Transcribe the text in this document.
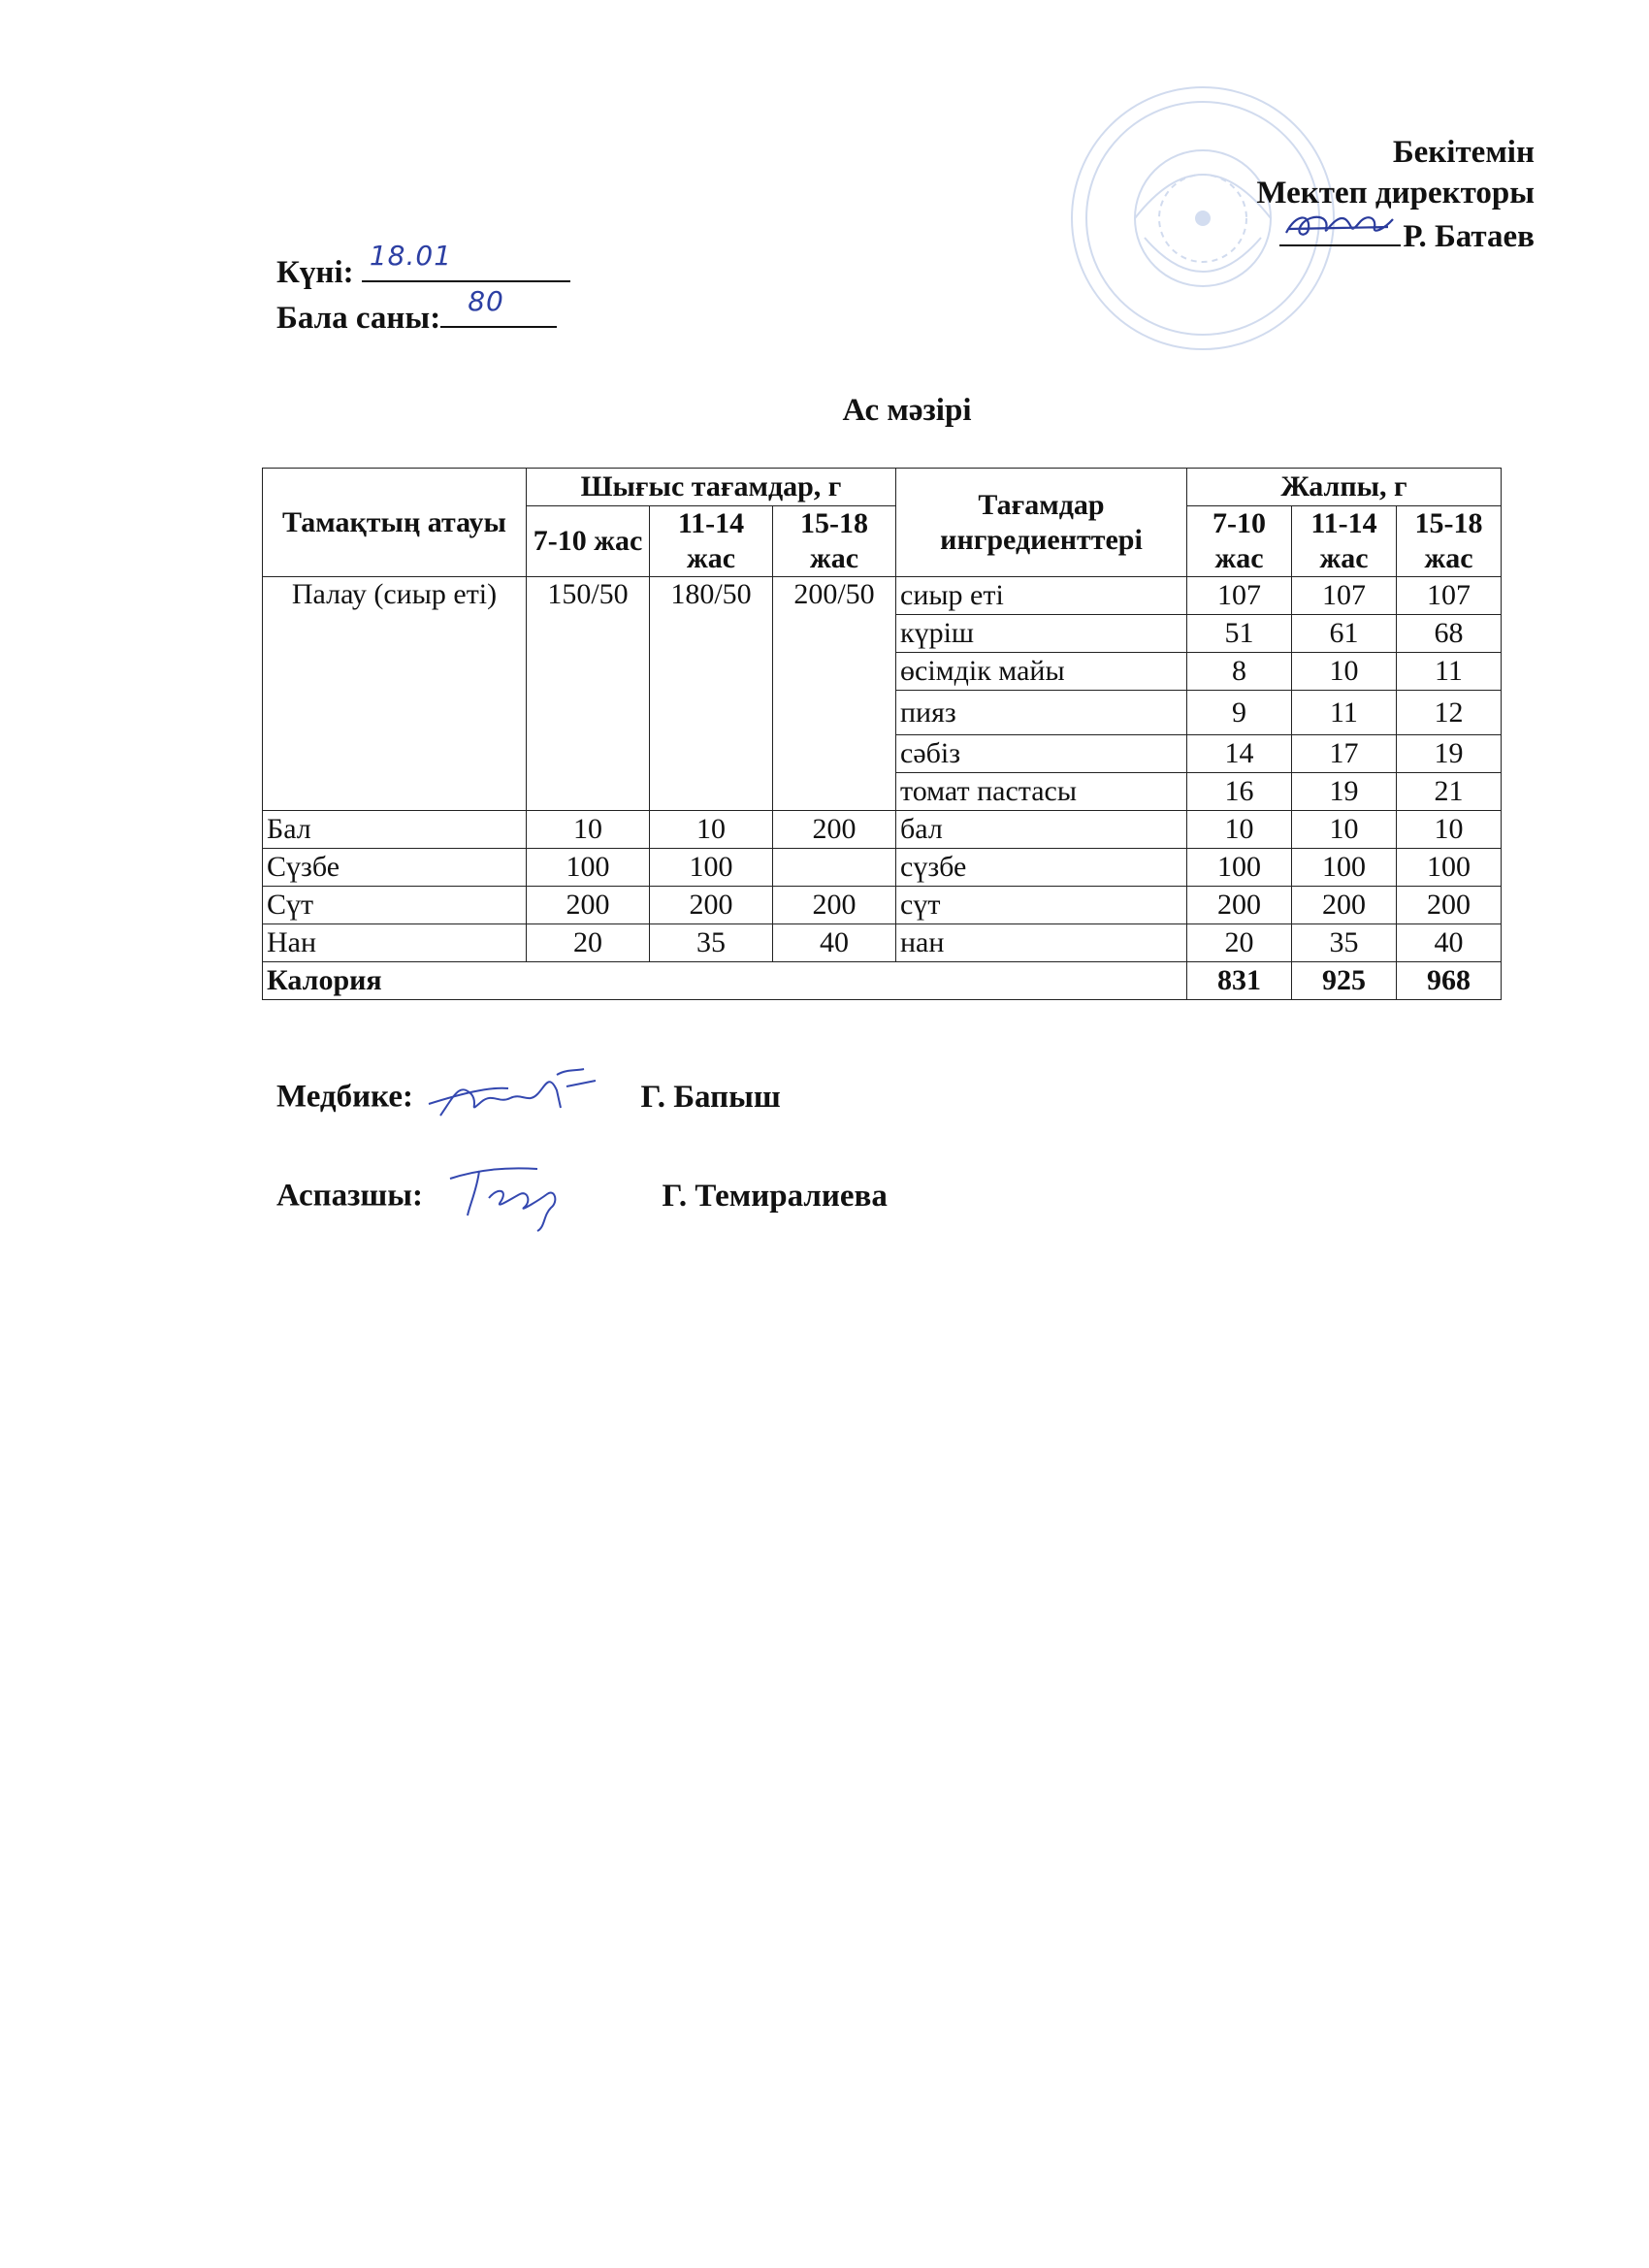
Бекітемін
Мектеп директоры
Р. Батаев
Күні: 18.01
Бала саны: 80
Ас мәзірі
Тамақтың атауы	Шығыс тағамдар, г			Тағамдар ингредиенттері	Жалпы, г		
	7-10 жас	11-14 жас	15-18 жас		7-10 жас	11-14 жас	15-18 жас
Палау (сиыр еті)	150/50	180/50	200/50	сиыр еті	107	107	107
				күріш	51	61	68
				өсімдік майы	8	10	11
				пияз	9	11	12
				сәбіз	14	17	19
				томат пастасы	16	19	21
Бал	10	10	200	бал	10	10	10
Сүзбе	100	100		сүзбе	100	100	100
Сүт	200	200	200	сүт	200	200	200
Нан	20	35	40	нан	20	35	40
Калория					831	925	968
Медбике:	Г. Бапыш
Аспазшы:	Г. Темиралиева
